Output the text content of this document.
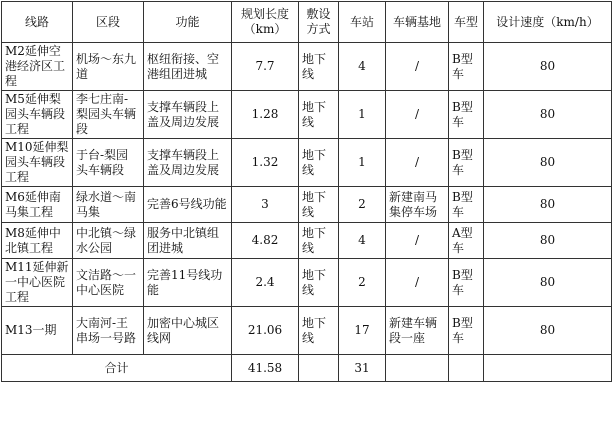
线路	区段	功能	规划长度（km）	敷设方式	车站	车辆基地	车型	设计速度（km/h）
M2延伸空港经济区工程	机场～东九道	枢纽衔接、空港组团进城	7.7	地下线	4	/	B型车	80
M5延伸梨园头车辆段工程	李七庄南-梨园头车辆段	支撑车辆段上盖及周边发展	1.28	地下线	1	/	B型车	80
M10延伸梨园头车辆段工程	于台-梨园头车辆段	支撑车辆段上盖及周边发展	1.32	地下线	1	/	B型车	80
M6延伸南马集工程	绿水道～南马集	完善6号线功能	3	地下线	2	新建南马集停车场	B型车	80
M8延伸中北镇工程	中北镇～绿水公园	服务中北镇组团进城	4.82	地下线	4	/	A型车	80
M11延伸新一中心医院工程	文洁路～一中心医院	完善11号线功能	2.4	地下线	2	/	B型车	80
M13一期	大南河-王串场一号路	加密中心城区线网	21.06	地下线	17	新建车辆段一座	B型车	80
合计			41.58		31			
